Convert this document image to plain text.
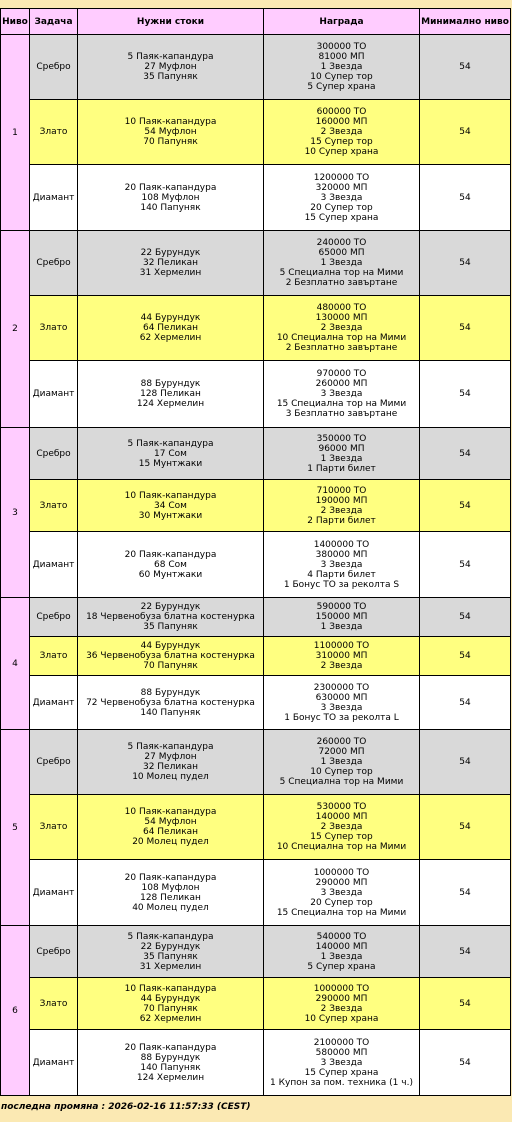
Ниво	Задача	Нужни стоки	Награда	Минимално ниво
1	Сребро	5 Паяк-капандура
27 Муфлон
35 Папуняк	300000 ТО
81000 МП
1 Звезда
10 Супер тор
5 Супер храна	54
	Злато	10 Паяк-капандура
54 Муфлон
70 Папуняк	600000 ТО
160000 МП
2 Звезда
15 Супер тор
10 Супер храна	54
	Диамант	20 Паяк-капандура
108 Муфлон
140 Папуняк	1200000 ТО
320000 МП
3 Звезда
20 Супер тор
15 Супер храна	54
2	Сребро	22 Бурундук
32 Пеликан
31 Хермелин	240000 ТО
65000 МП
1 Звезда
5 Специална тор на Мими
2 Безплатно завъртане	54
	Злато	44 Бурундук
64 Пеликан
62 Хермелин	480000 ТО
130000 МП
2 Звезда
10 Специална тор на Мими
2 Безплатно завъртане	54
	Диамант	88 Бурундук
128 Пеликан
124 Хермелин	970000 ТО
260000 МП
3 Звезда
15 Специална тор на Мими
3 Безплатно завъртане	54
3	Сребро	5 Паяк-капандура
17 Сом
15 Мунтжаки	350000 ТО
96000 МП
1 Звезда
1 Парти билет	54
	Злато	10 Паяк-капандура
34 Сом
30 Мунтжаки	710000 ТО
190000 МП
2 Звезда
2 Парти билет	54
	Диамант	20 Паяк-капандура
68 Сом
60 Мунтжаки	1400000 ТО
380000 МП
3 Звезда
4 Парти билет
1 Бонус ТО за реколта S	54
4	Сребро	22 Бурундук
18 Червенобуза блатна костенурка
35 Папуняк	590000 ТО
150000 МП
1 Звезда	54
	Злато	44 Бурундук
36 Червенобуза блатна костенурка
70 Папуняк	1100000 ТО
310000 МП
2 Звезда	54
	Диамант	88 Бурундук
72 Червенобуза блатна костенурка
140 Папуняк	2300000 ТО
630000 МП
3 Звезда
1 Бонус ТО за реколта L	54
5	Сребро	5 Паяк-капандура
27 Муфлон
32 Пеликан
10 Молец пудел	260000 ТО
72000 МП
1 Звезда
10 Супер тор
5 Специална тор на Мими	54
	Злато	10 Паяк-капандура
54 Муфлон
64 Пеликан
20 Молец пудел	530000 ТО
140000 МП
2 Звезда
15 Супер тор
10 Специална тор на Мими	54
	Диамант	20 Паяк-капандура
108 Муфлон
128 Пеликан
40 Молец пудел	1000000 ТО
290000 МП
3 Звезда
20 Супер тор
15 Специална тор на Мими	54
6	Сребро	5 Паяк-капандура
22 Бурундук
35 Папуняк
31 Хермелин	540000 ТО
140000 МП
1 Звезда
5 Супер храна	54
	Злато	10 Паяк-капандура
44 Бурундук
70 Папуняк
62 Хермелин	1000000 ТО
290000 МП
2 Звезда
10 Супер храна	54
	Диамант	20 Паяк-капандура
88 Бурундук
140 Папуняк
124 Хермелин	2100000 ТО
580000 МП
3 Звезда
15 Супер храна
1 Купон за пом. техника (1 ч.)	54
последна промяна : 2026-02-16 11:57:33 (CEST)
